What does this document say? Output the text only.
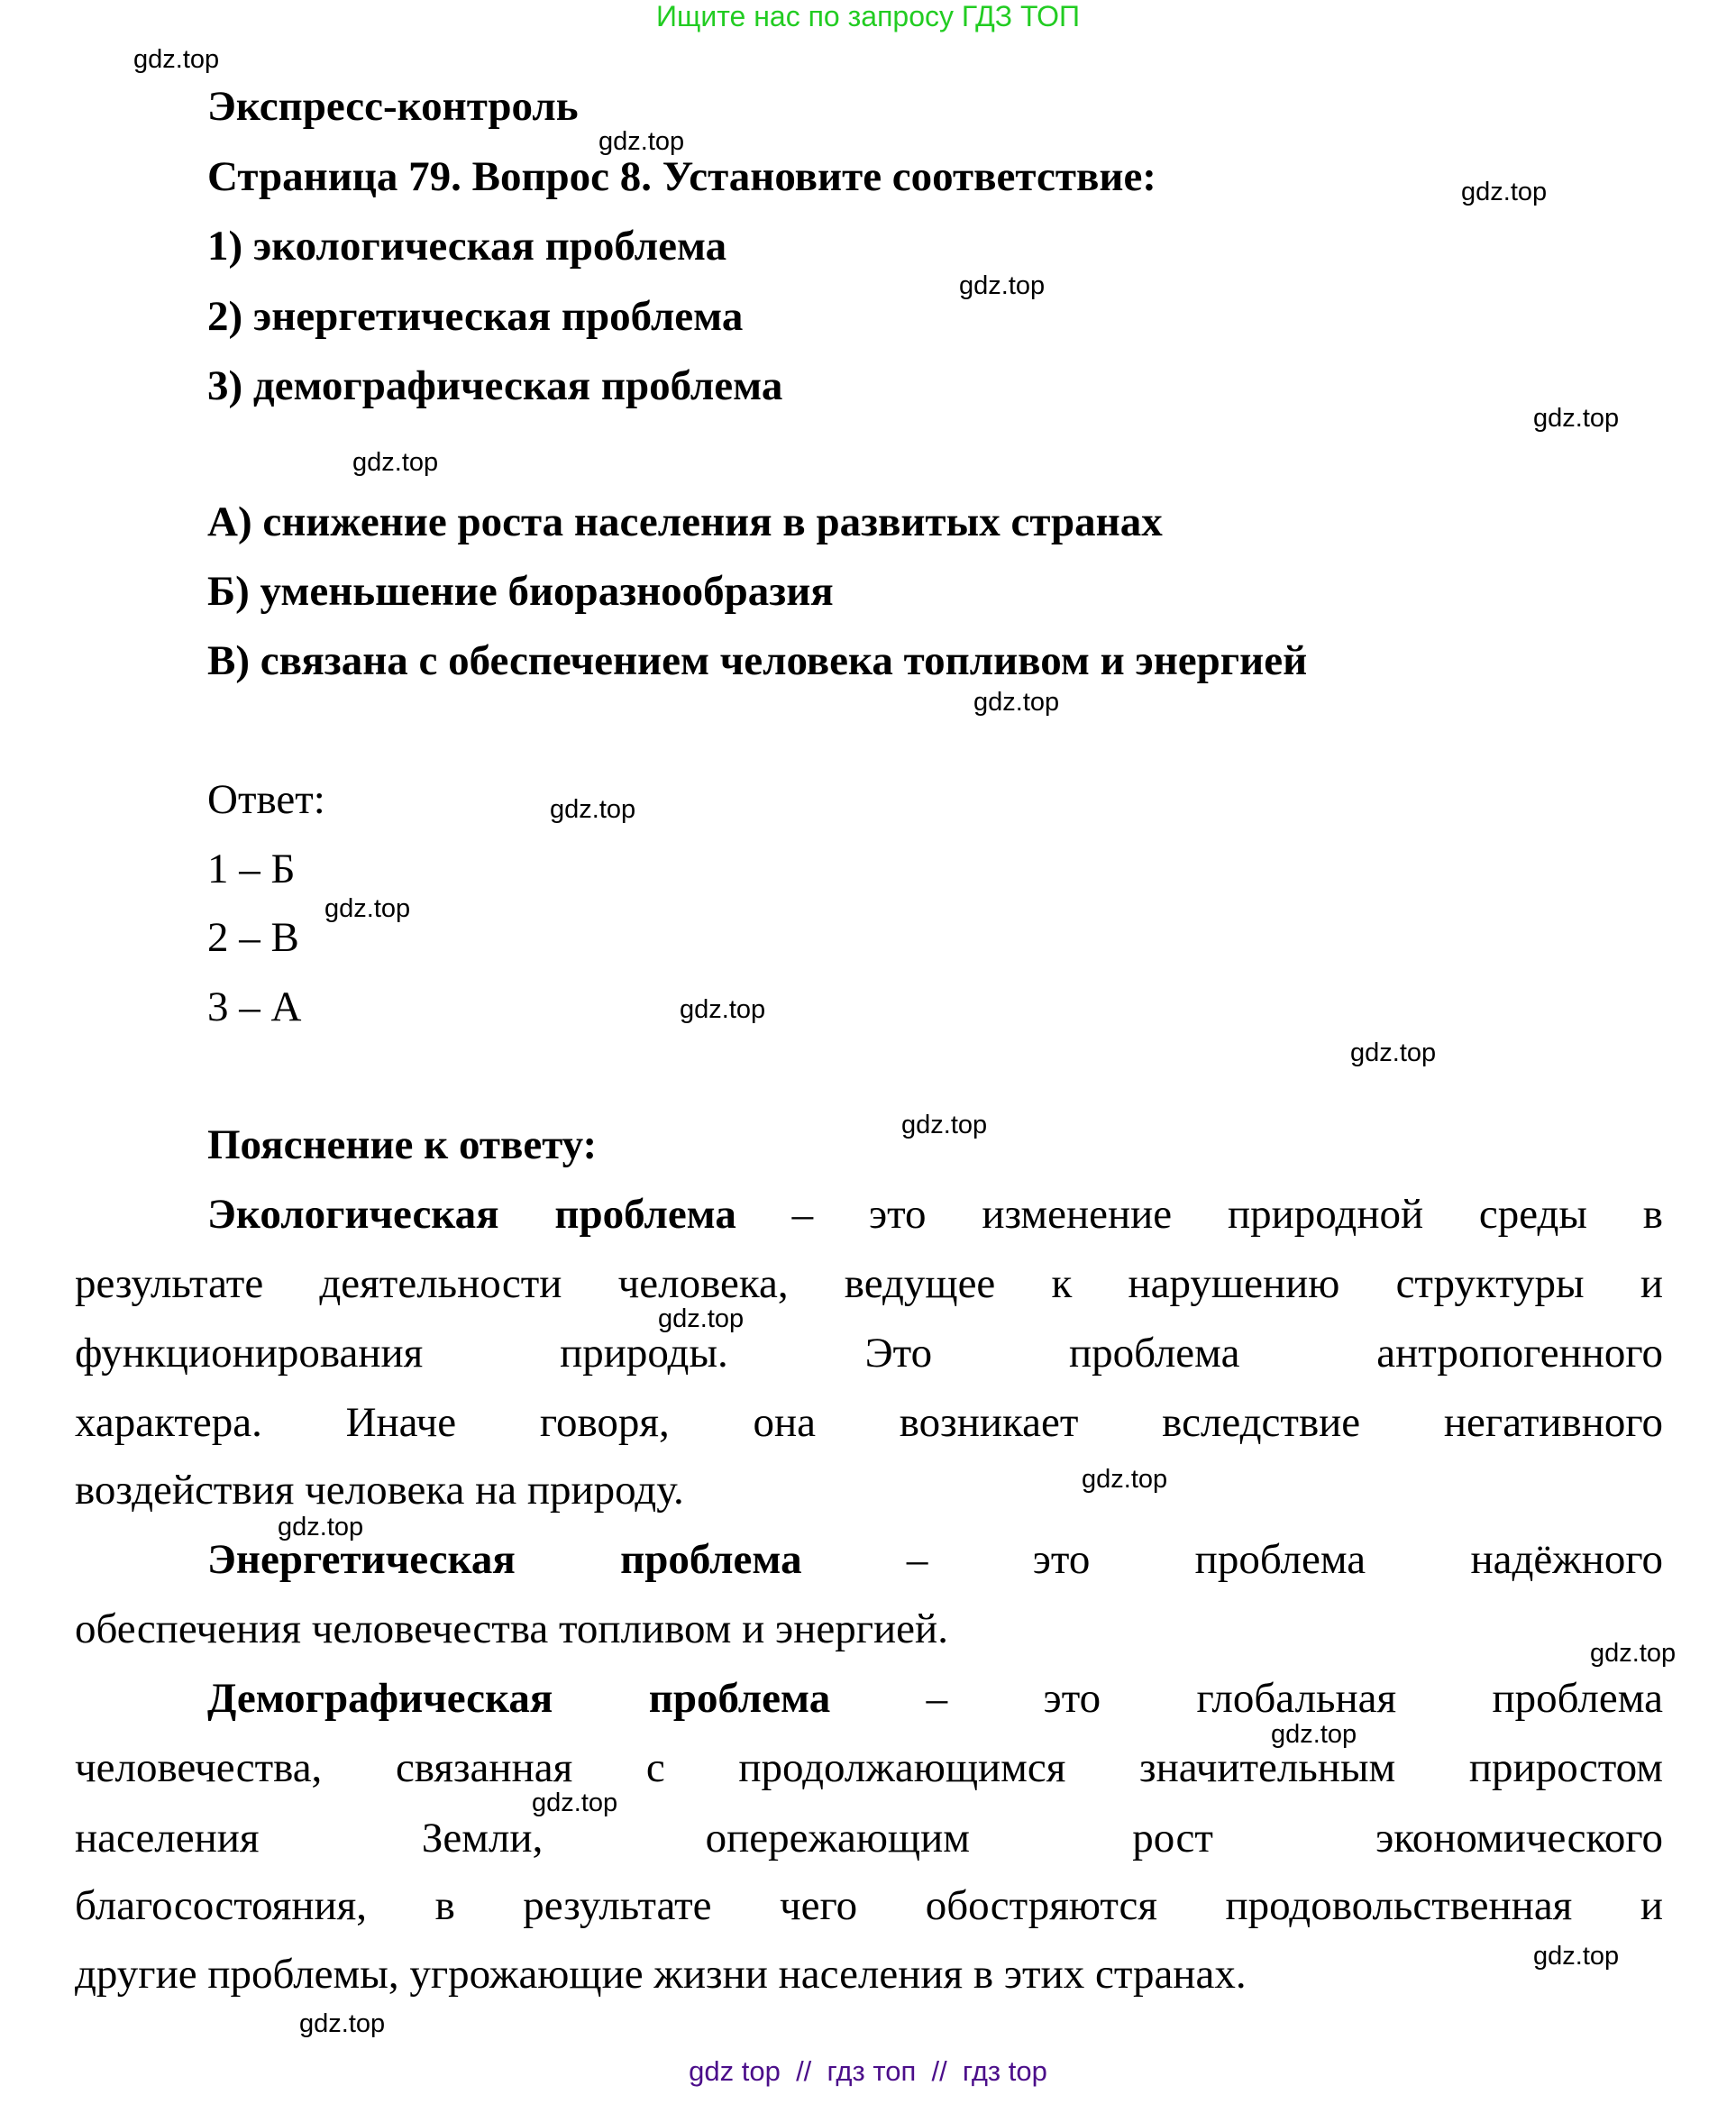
Ищите нас по запросу ГДЗ ТОП
Экспресс-контроль
Страница 79. Вопрос 8. Установите соответствие:
1) экологическая проблема
2) энергетическая проблема
3) демографическая проблема
А) снижение роста населения в развитых странах
Б) уменьшение биоразнообразия
В) связана с обеспечением человека топливом и энергией
Ответ:
1 – Б
2 – В
3 – А
Пояснение к ответу:
Экологическая проблема – это изменение природной среды в
результате деятельности человека, ведущее к нарушению структуры и
функционирования природы. Это проблема антропогенного
характера. Иначе говоря, она возникает вследствие негативного
воздействия человека на природу.
Энергетическая проблема – это проблема надёжного
обеспечения человечества топливом и энергией.
Демографическая проблема – это глобальная проблема
человечества, связанная с продолжающимся значительным приростом
населения Земли, опережающим рост экономического
благосостояния, в результате чего обостряются продовольственная и
другие проблемы, угрожающие жизни населения в этих странах.
gdz.top
gdz.top
gdz.top
gdz.top
gdz.top
gdz.top
gdz.top
gdz.top
gdz.top
gdz.top
gdz.top
gdz.top
gdz.top
gdz.top
gdz.top
gdz.top
gdz.top
gdz.top
gdz.top
gdz.top
gdz top  //  гдз топ  //  гдз top
